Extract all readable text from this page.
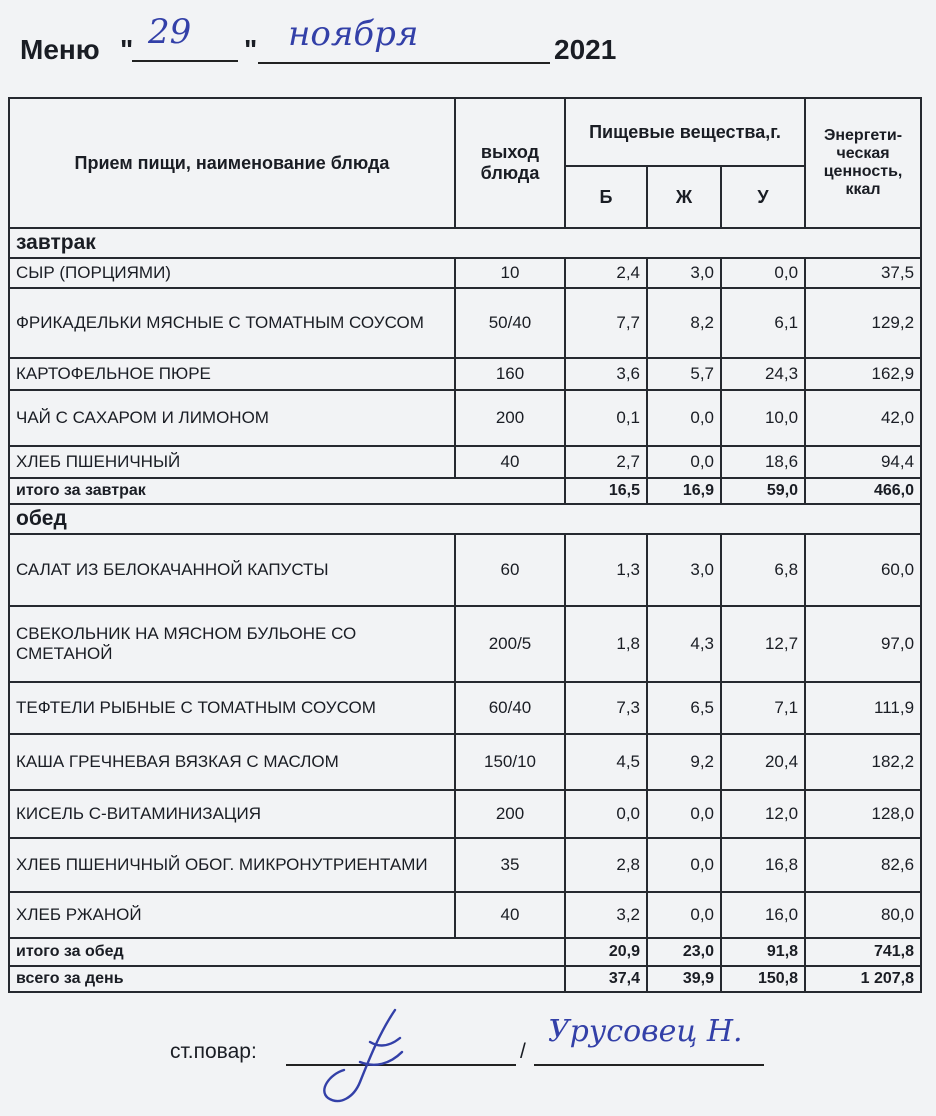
Меню " 29 " ноября	2021
Прием пищи, наименование блюда	выход блюда	Пищевые вещества,г.			Энергети-ческая ценность, ккал
		Б	Ж	У	
завтрак					
СЫР (ПОРЦИЯМИ)	10	2,4	3,0	0,0	37,5
ФРИКАДЕЛЬКИ МЯСНЫЕ С ТОМАТНЫМ СОУСОМ	50/40	7,7	8,2	6,1	129,2
КАРТОФЕЛЬНОЕ ПЮРЕ	160	3,6	5,7	24,3	162,9
ЧАЙ С САХАРОМ И ЛИМОНОМ	200	0,1	0,0	10,0	42,0
ХЛЕБ ПШЕНИЧНЫЙ	40	2,7	0,0	18,6	94,4
итого за завтрак		16,5	16,9	59,0	466,0
обед					
САЛАТ ИЗ БЕЛОКАЧАННОЙ КАПУСТЫ	60	1,3	3,0	6,8	60,0
СВЕКОЛЬНИК НА МЯСНОМ БУЛЬОНЕ СО СМЕТАНОЙ	200/5	1,8	4,3	12,7	97,0
ТЕФТЕЛИ РЫБНЫЕ С ТОМАТНЫМ СОУСОМ	60/40	7,3	6,5	7,1	111,9
КАША ГРЕЧНЕВАЯ ВЯЗКАЯ С МАСЛОМ	150/10	4,5	9,2	20,4	182,2
КИСЕЛЬ С-ВИТАМИНИЗАЦИЯ	200	0,0	0,0	12,0	128,0
ХЛЕБ ПШЕНИЧНЫЙ ОБОГ. МИКРОНУТРИЕНТАМИ	35	2,8	0,0	16,8	82,6
ХЛЕБ РЖАНОЙ	40	3,2	0,0	16,0	80,0
итого за обед		20,9	23,0	91,8	741,8
всего за день		37,4	39,9	150,8	1 207,8
ст.повар:	/
Урусовец Н.
